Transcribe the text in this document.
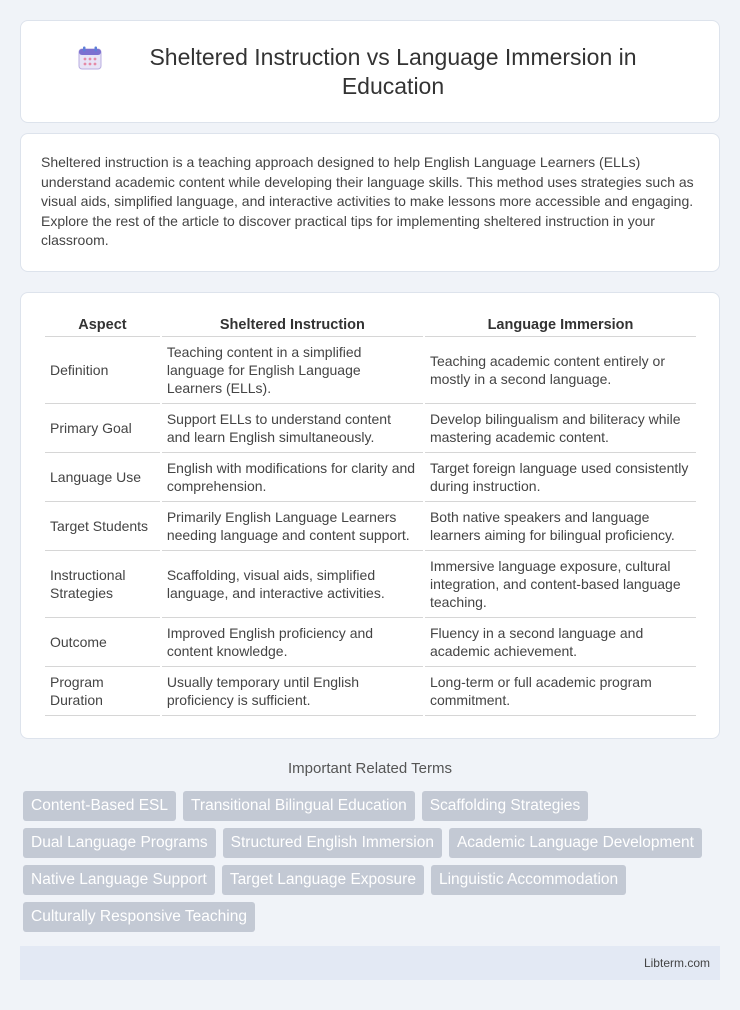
Sheltered Instruction vs Language Immersion in Education

Sheltered instruction is a teaching approach designed to help English Language Learners (ELLs) understand academic content while developing their language skills. This method uses strategies such as visual aids, simplified language, and interactive activities to make lessons more accessible and engaging. Explore the rest of the article to discover practical tips for implementing sheltered instruction in your classroom.

Aspect	Sheltered Instruction	Language Immersion
Definition	Teaching content in a simplified language for English Language Learners (ELLs).	Teaching academic content entirely or mostly in a second language.
Primary Goal	Support ELLs to understand content and learn English simultaneously.	Develop bilingualism and biliteracy while mastering academic content.
Language Use	English with modifications for clarity and comprehension.	Target foreign language used consistently during instruction.
Target Students	Primarily English Language Learners needing language and content support.	Both native speakers and language learners aiming for bilingual proficiency.
Instructional Strategies	Scaffolding, visual aids, simplified language, and interactive activities.	Immersive language exposure, cultural integration, and content-based language teaching.
Outcome	Improved English proficiency and content knowledge.	Fluency in a second language and academic achievement.
Program Duration	Usually temporary until English proficiency is sufficient.	Long-term or full academic program commitment.
Important Related Terms
Content-Based ESL	Transitional Bilingual Education	Scaffolding Strategies
Dual Language Programs	Structured English Immersion	Academic Language Development
Native Language Support	Target Language Exposure	Linguistic Accommodation
Culturally Responsive Teaching
Libterm.com
